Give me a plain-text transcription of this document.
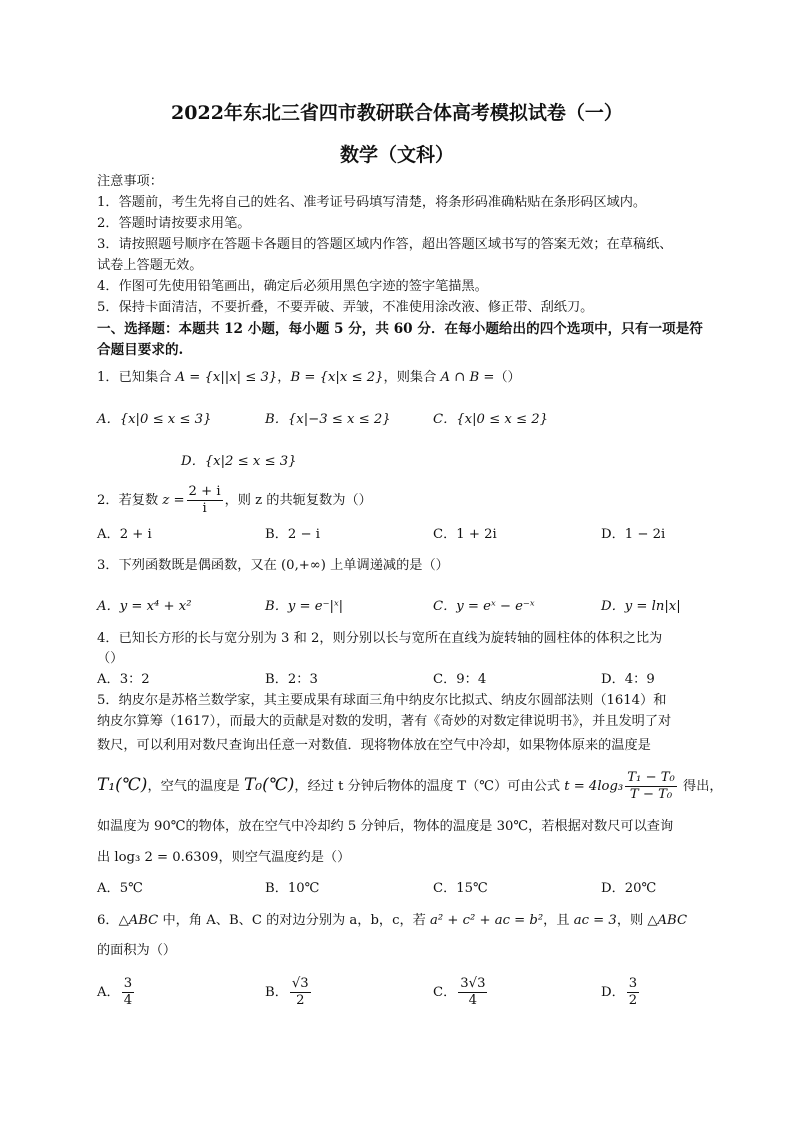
2022年东北三省四市教研联合体高考模拟试卷（一）
数学（文科）
注意事项：
1．答题前，考生先将自己的姓名、准考证号码填写清楚，将条形码准确粘贴在条形码区域内。
2．答题时请按要求用笔。
3．请按照题号顺序在答题卡各题目的答题区域内作答，超出答题区域书写的答案无效；在草稿纸、
试卷上答题无效。
4．作图可先使用铅笔画出，确定后必须用黑色字迹的签字笔描黑。
5．保持卡面清洁，不要折叠，不要弄破、弄皱，不准使用涂改液、修正带、刮纸刀。
一、选择题：本题共 12 小题，每小题 5 分，共 60 分．在每小题给出的四个选项中，只有一项是符
合题目要求的.
1．已知集合 A = {x||x| ≤ 3}，B = {x|x ≤ 2}，则集合 A ∩ B =（）
A．{x|0 ≤ x ≤ 3}	B．{x|−3 ≤ x ≤ 2}	C．{x|0 ≤ x ≤ 2}
D．{x|2 ≤ x ≤ 3}
2．若复数 $z = \frac{2 + i}{i}$ ，则 z 的共轭复数为（）
A．2 + i	B．2 − i	C．1 + 2i	D．1 − 2i
3．下列函数既是偶函数，又在 (0,+∞) 上单调递减的是（）
A．y = x⁴ + x²	B．y = e⁻|ˣ|	C．y = eˣ − e⁻ˣ	D．y = ln|x|
4．已知长方形的长与宽分别为 3 和 2，则分别以长与宽所在直线为旋转轴的圆柱体的体积之比为
（）
A．3：2	B．2：3	C．9：4	D．4：9
5．纳皮尔是苏格兰数学家，其主要成果有球面三角中纳皮尔比拟式、纳皮尔圆部法则（1614）和
纳皮尔算筹（1617），而最大的贡献是对数的发明，著有《奇妙的对数定律说明书》，并且发明了对
数尺，可以利用对数尺查询出任意一对数值．现将物体放在空气中冷却，如果物体原来的温度是
T₁(℃)，空气的温度是 T₀(℃)，经过 t 分钟后物体的温度 T（℃）可由公式 $t = 4\log_3 \frac{\text{T₁ − T₀}}{\text{T − T₀}}$ 得出，
如温度为 90℃的物体，放在空气中冷却约 5 分钟后，物体的温度是 30℃，若根据对数尺可以查询
出 log₃ 2 = 0.6309，则空气温度约是（）
A．5℃	B．10℃	C．15℃	D．20℃
6．△ABC 中，角 A、B、C 的对边分别为 a，b，c，若 a² + c² + ac = b²，且 ac = 3，则 △ABC
的面积为（）
A． $\frac{3}{4}$	B． $\frac{√3}{2}$	C． $\frac{3√3}{4}$	D． $\frac{3}{2}$
